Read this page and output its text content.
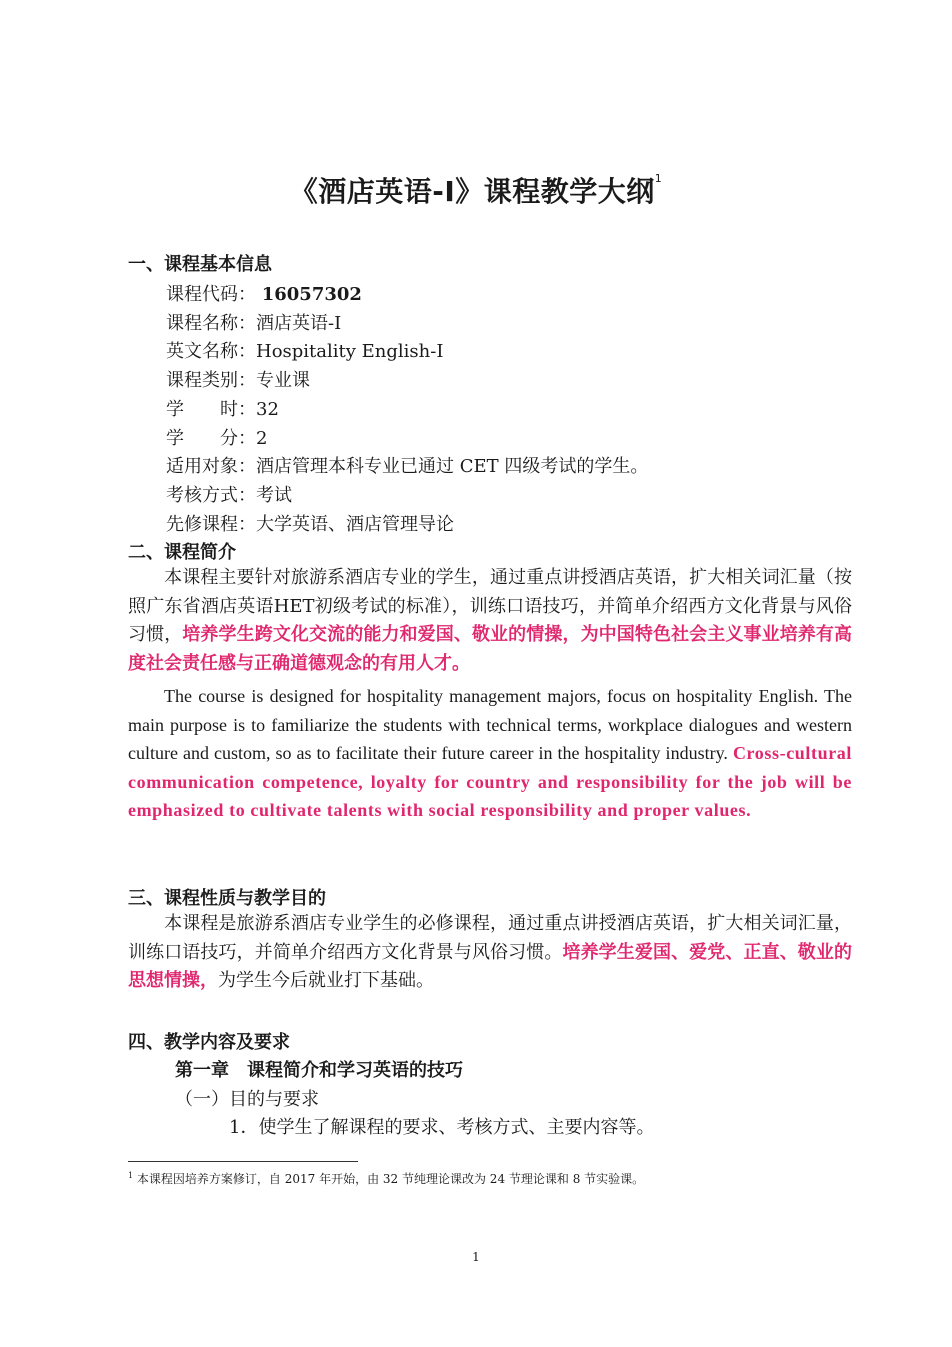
《酒店英语-I》课程教学大纲$^1$
一、课程基本信息
课程代码： 16057302
课程名称：酒店英语-I
英文名称：Hospitality English-I
课程类别：专业课
学　　时：32
学　　分：2
适用对象：酒店管理本科专业已通过 CET 四级考试的学生。
考核方式：考试
先修课程：大学英语、酒店管理导论
二、课程简介
本课程主要针对旅游系酒店专业的学生，通过重点讲授酒店英语，扩大相关词汇量（按照广东省酒店英语HET初级考试的标准），训练口语技巧，并简单介绍西方文化背景与风俗习惯，培养学生跨文化交流的能力和爱国、敬业的情操，为中国特色社会主义事业培养有高度社会责任感与正确道德观念的有用人才。
The course is designed for hospitality management majors, focus on hospitality English. The main purpose is to familiarize the students with technical terms, workplace dialogues and western culture and custom, so as to facilitate their future career in the hospitality industry. Cross-cultural communication competence, loyalty for country and responsibility for the job will be emphasized to cultivate talents with social responsibility and proper values.
三、课程性质与教学目的
本课程是旅游系酒店专业学生的必修课程，通过重点讲授酒店英语，扩大相关词汇量，训练口语技巧，并简单介绍西方文化背景与风俗习惯。培养学生爱国、爱党、正直、敬业的思想情操，为学生今后就业打下基础。
四、教学内容及要求
第一章　课程简介和学习英语的技巧
（一）目的与要求
1．使学生了解课程的要求、考核方式、主要内容等。
$^1$ 本课程因培养方案修订，自 2017 年开始，由 32 节纯理论课改为 24 节理论课和 8 节实验课。
1
